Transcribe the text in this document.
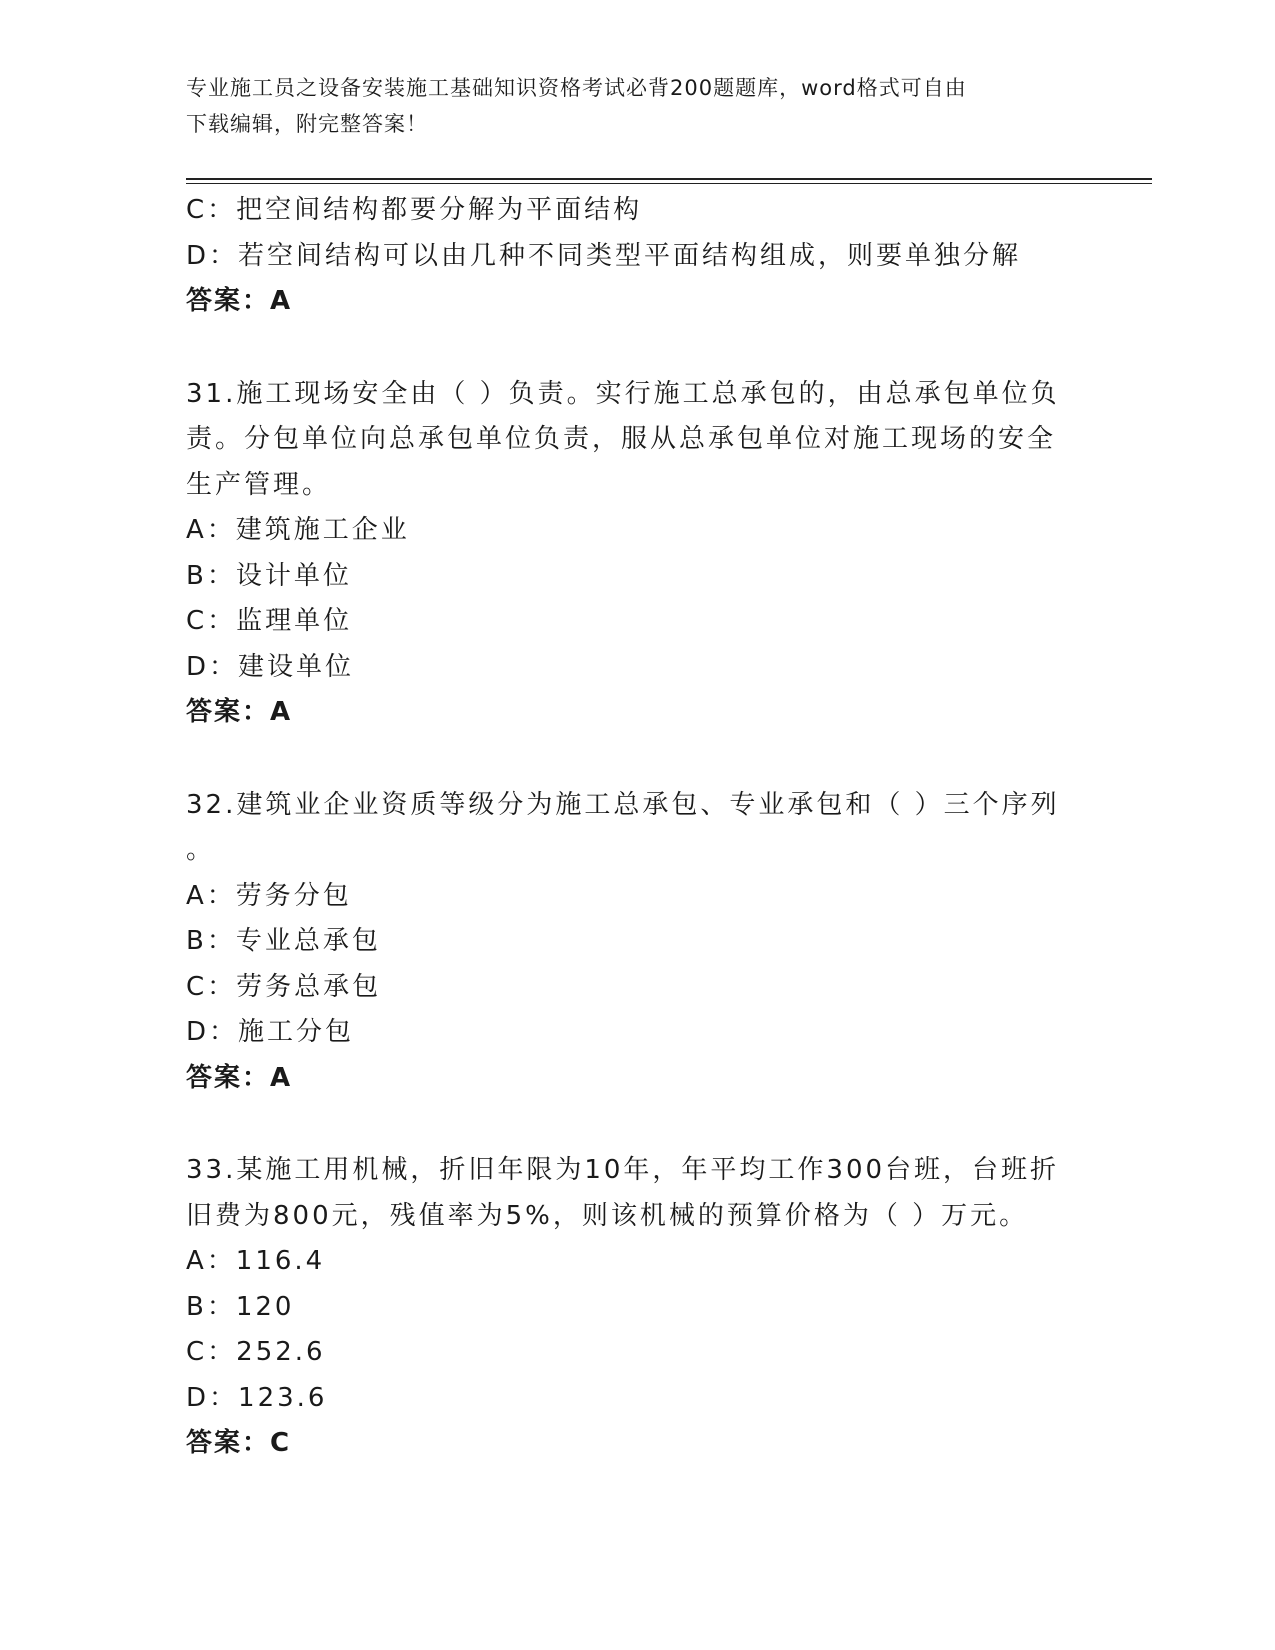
专业施工员之设备安装施工基础知识资格考试必背200题题库，word格式可自由
下载编辑，附完整答案！
C：把空间结构都要分解为平面结构
D：若空间结构可以由几种不同类型平面结构组成，则要单独分解
答案：A
31.施工现场安全由（ ）负责。实行施工总承包的，由总承包单位负
责。分包单位向总承包单位负责，服从总承包单位对施工现场的安全
生产管理。
A：建筑施工企业
B：设计单位
C：监理单位
D：建设单位
答案：A
32.建筑业企业资质等级分为施工总承包、专业承包和（ ）三个序列
。
A：劳务分包
B：专业总承包
C：劳务总承包
D：施工分包
答案：A
33.某施工用机械，折旧年限为10年，年平均工作300台班，台班折
旧费为800元，残值率为5%，则该机械的预算价格为（ ）万元。
A：116.4
B：120
C：252.6
D：123.6
答案：C
